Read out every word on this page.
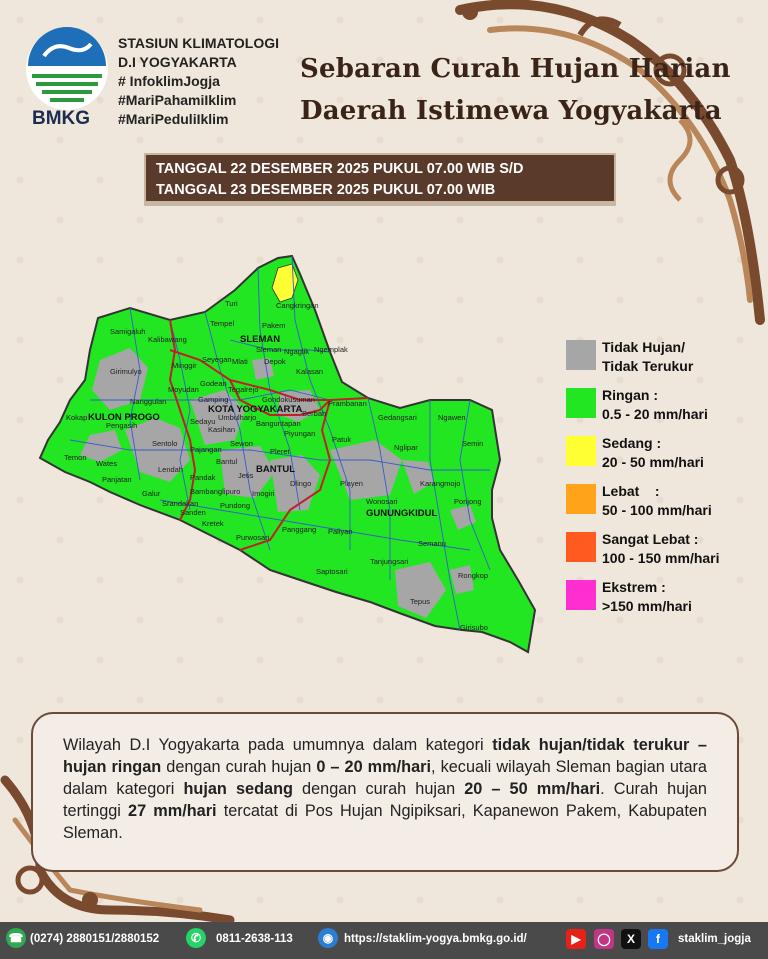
BMKG
STASIUN KLIMATOLOGI
D.I YOGYAKARTA
# InfoklimJogja
#MariPahamiIklim
#MariPeduliIklim
Sebaran Curah Hujan Harian
Daerah Istimewa Yogyakarta
TANGGAL 22 DESEMBER 2025 PUKUL 07.00 WIB S/D
TANGGAL 23 DESEMBER 2025 PUKUL 07.00 WIB
SLEMAN
KOTA YOGYAKARTA
KULON PROGO
BANTUL
GUNUNGKIDUL
Turi	Cangkringan
Tempel	Pakem
Samigaluh
Kalibawang
Sleman Ngaglik Ngemplak
Seyegan Mlati
Minggir
Girimulyo
Moyudan
Godean
Depok
Kalasan
Nanggulan	Gamping
Tegalrejo
Gondokusuman Prambanan
Berbah	Gedangsari	Ngawen
Kokap
Pengasih	Sedayu
Kasihan
Umbulharjo
Banguntapan
Piyungan
Sentolo	Sewon	Patuk	Semin
Temon
Pajangan	Nglipar
Wates
Lendah
Bantul
Pleret
Panjatan	Jetis
Dlingo	Playen	Karangmojo
Galur
Pandak
Bambanglipuro Imogiri
Srandakan
Sanden
Pundong	Wonosari	Ponjong
Kretek
Panggang Paliyan
Purwosari
Semanu
Saptosari
Tanjungsari
Rongkop
Tepus
Girisubo
Tidak Hujan/
Tidak Terukur
Ringan :
0.5 - 20 mm/hari
Sedang :
20 - 50 mm/hari
Lebat    :
50 - 100 mm/hari
Sangat Lebat :
100 - 150 mm/hari
Ekstrem :
>150 mm/hari
Wilayah D.I Yogyakarta pada umumnya dalam kategori tidak hujan/tidak terukur – hujan ringan dengan curah hujan 0 – 20 mm/hari, kecuali wilayah Sleman bagian utara dalam kategori hujan sedang dengan curah hujan 20 – 50 mm/hari. Curah hujan tertinggi 27 mm/hari tercatat di Pos Hujan Ngipiksari, Kapanewon Pakem, Kabupaten Sleman.
☎ (0274) 2880151/2880152	✆	0811-2638-113	◉ https://staklim-yogya.bmkg.go.id/	▶	◯	X	f	staklim_jogja
